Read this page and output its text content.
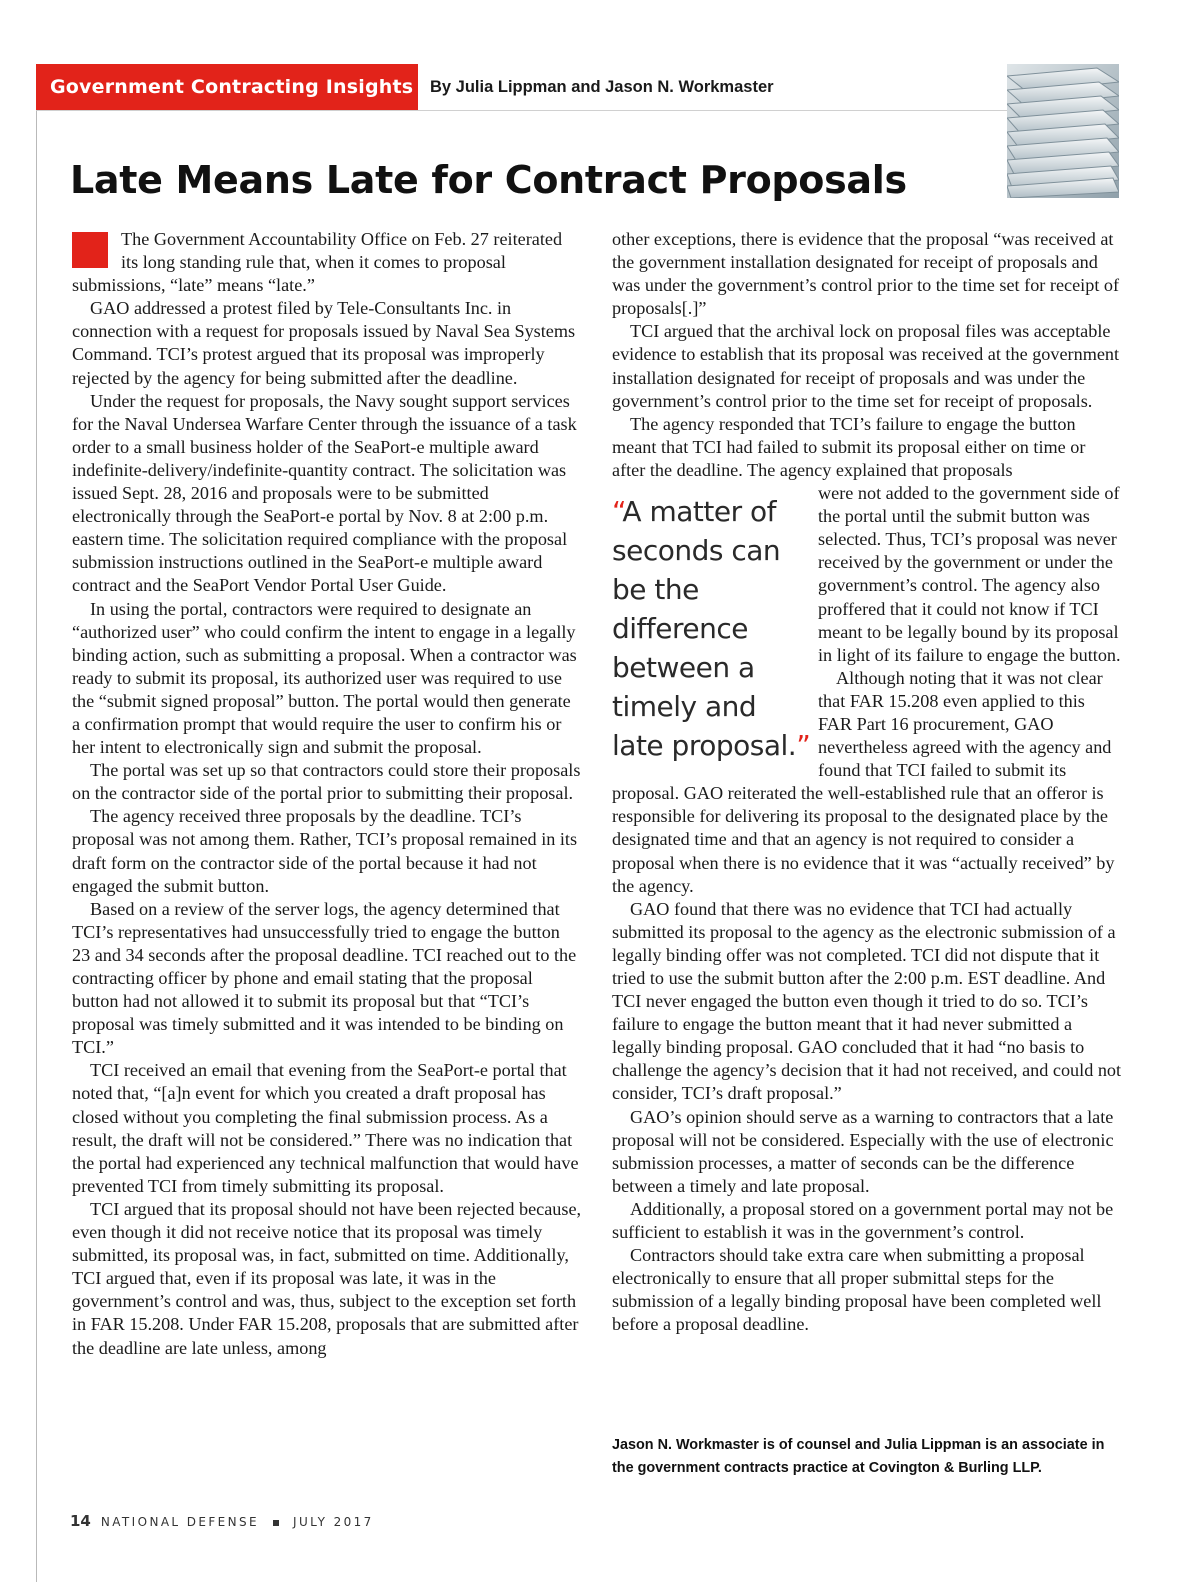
Government Contracting Insights By Julia Lippman and Jason N. Workmaster
Late Means Late for Contract Proposals

The Government Accountability Office on Feb. 27 reiterated its long standing rule that, when it comes to proposal submissions, “late” means “late.”

GAO addressed a protest filed by Tele-Consultants Inc. in connection with a request for proposals issued by Naval Sea Systems Command. TCI’s protest argued that its proposal was improperly rejected by the agency for being submitted after the deadline.

Under the request for proposals, the Navy sought support services for the Naval Undersea Warfare Center through the issuance of a task order to a small business holder of the SeaPort-e multiple award indefinite-delivery/indefinite-quantity contract. The solicitation was issued Sept. 28, 2016 and proposals were to be submitted electronically through the SeaPort-e portal by Nov. 8 at 2:00 p.m. eastern time. The solicitation required compliance with the proposal submission instructions outlined in the SeaPort-e multiple award contract and the SeaPort Vendor Portal User Guide.

In using the portal, contractors were required to designate an “authorized user” who could confirm the intent to engage in a legally binding action, such as submitting a proposal. When a contractor was ready to submit its proposal, its authorized user was required to use the “submit signed proposal” button. The portal would then generate a confirmation prompt that would require the user to confirm his or her intent to electronically sign and submit the proposal.

The portal was set up so that contractors could store their proposals on the contractor side of the portal prior to submitting their proposal.

The agency received three proposals by the deadline. TCI’s proposal was not among them. Rather, TCI’s proposal remained in its draft form on the contractor side of the portal because it had not engaged the submit button.

Based on a review of the server logs, the agency determined that TCI’s representatives had unsuccessfully tried to engage the button 23 and 34 seconds after the proposal deadline. TCI reached out to the contracting officer by phone and email stating that the proposal button had not allowed it to submit its proposal but that “TCI’s proposal was timely submitted and it was intended to be binding on TCI.”

TCI received an email that evening from the SeaPort-e portal that noted that, “[a]n event for which you created a draft proposal has closed without you completing the final submission process. As a result, the draft will not be considered.” There was no indication that the portal had experienced any technical malfunction that would have prevented TCI from timely submitting its proposal.

TCI argued that its proposal should not have been rejected because, even though it did not receive notice that its proposal was timely submitted, its proposal was, in fact, submitted on time. Additionally, TCI argued that, even if its proposal was late, it was in the government’s control and was, thus, subject to the exception set forth in FAR 15.208. Under FAR 15.208, proposals that are submitted after the deadline are late unless, among

other exceptions, there is evidence that the proposal “was received at the government installation designated for receipt of proposals and was under the government’s control prior to the time set for receipt of proposals[.]”

TCI argued that the archival lock on proposal files was acceptable evidence to establish that its proposal was received at the government installation designated for receipt of proposals and was under the government’s control prior to the time set for receipt of proposals.

The agency responded that TCI’s failure to engage the button meant that TCI had failed to submit its proposal either on time or after the deadline. The agency explained that proposals

“A matter of seconds can be the difference between a timely and late proposal.”

were not added to the government side of the portal until the submit button was selected. Thus, TCI’s proposal was never received by the government or under the government’s control. The agency also proffered that it could not know if TCI meant to be legally bound by its proposal in light of its failure to engage the button.

Although noting that it was not clear that FAR 15.208 even applied to this FAR Part 16 procurement, GAO nevertheless agreed with the agency and found that TCI failed to submit its proposal. GAO reiterated the well-established rule that an offeror is responsible for delivering its proposal to the designated place by the designated time and that an agency is not required to consider a proposal when there is no evidence that it was “actually received” by the agency.

GAO found that there was no evidence that TCI had actually submitted its proposal to the agency as the electronic submission of a legally binding offer was not completed. TCI did not dispute that it tried to use the submit button after the 2:00 p.m. EST deadline. And TCI never engaged the button even though it tried to do so. TCI’s failure to engage the button meant that it had never submitted a legally binding proposal. GAO concluded that it had “no basis to challenge the agency’s decision that it had not received, and could not consider, TCI’s draft proposal.”

GAO’s opinion should serve as a warning to contractors that a late proposal will not be considered. Especially with the use of electronic submission processes, a matter of seconds can be the difference between a timely and late proposal.

Additionally, a proposal stored on a government portal may not be sufficient to establish it was in the government’s control.

Contractors should take extra care when submitting a proposal electronically to ensure that all proper submittal steps for the submission of a legally binding proposal have been completed well before a proposal deadline.

Jason N. Workmaster is of counsel and Julia Lippman is an associate in the government contracts practice at Covington & Burling LLP.
14 NATIONAL DEFENSE	JULY 2017
